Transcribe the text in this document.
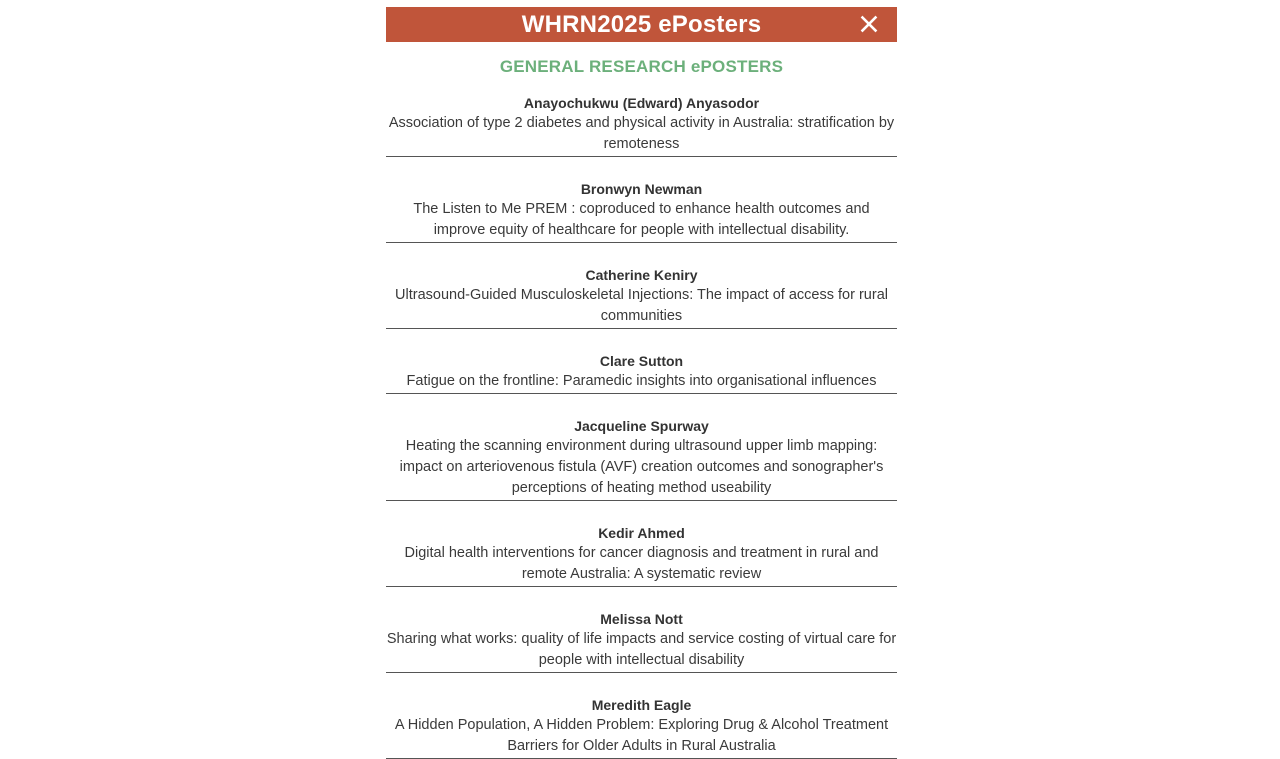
WHRN2025 ePosters
GENERAL RESEARCH ePOSTERS
Anayochukwu (Edward) Anyasodor
Association of type 2 diabetes and physical activity in Australia: stratification by remoteness
Bronwyn Newman
The Listen to Me PREM : coproduced to enhance health outcomes and improve equity of healthcare for people with intellectual disability.
Catherine Keniry
Ultrasound-Guided Musculoskeletal Injections: The impact of access for rural communities
Clare Sutton
Fatigue on the frontline: Paramedic insights into organisational influences
Jacqueline Spurway
Heating the scanning environment during ultrasound upper limb mapping: impact on arteriovenous fistula (AVF) creation outcomes and sonographer's perceptions of heating method useability
Kedir Ahmed
Digital health interventions for cancer diagnosis and treatment in rural and remote Australia: A systematic review
Melissa Nott
Sharing what works: quality of life impacts and service costing of virtual care for people with intellectual disability
Meredith Eagle
A Hidden Population, A Hidden Problem: Exploring Drug & Alcohol Treatment Barriers for Older Adults in Rural Australia
